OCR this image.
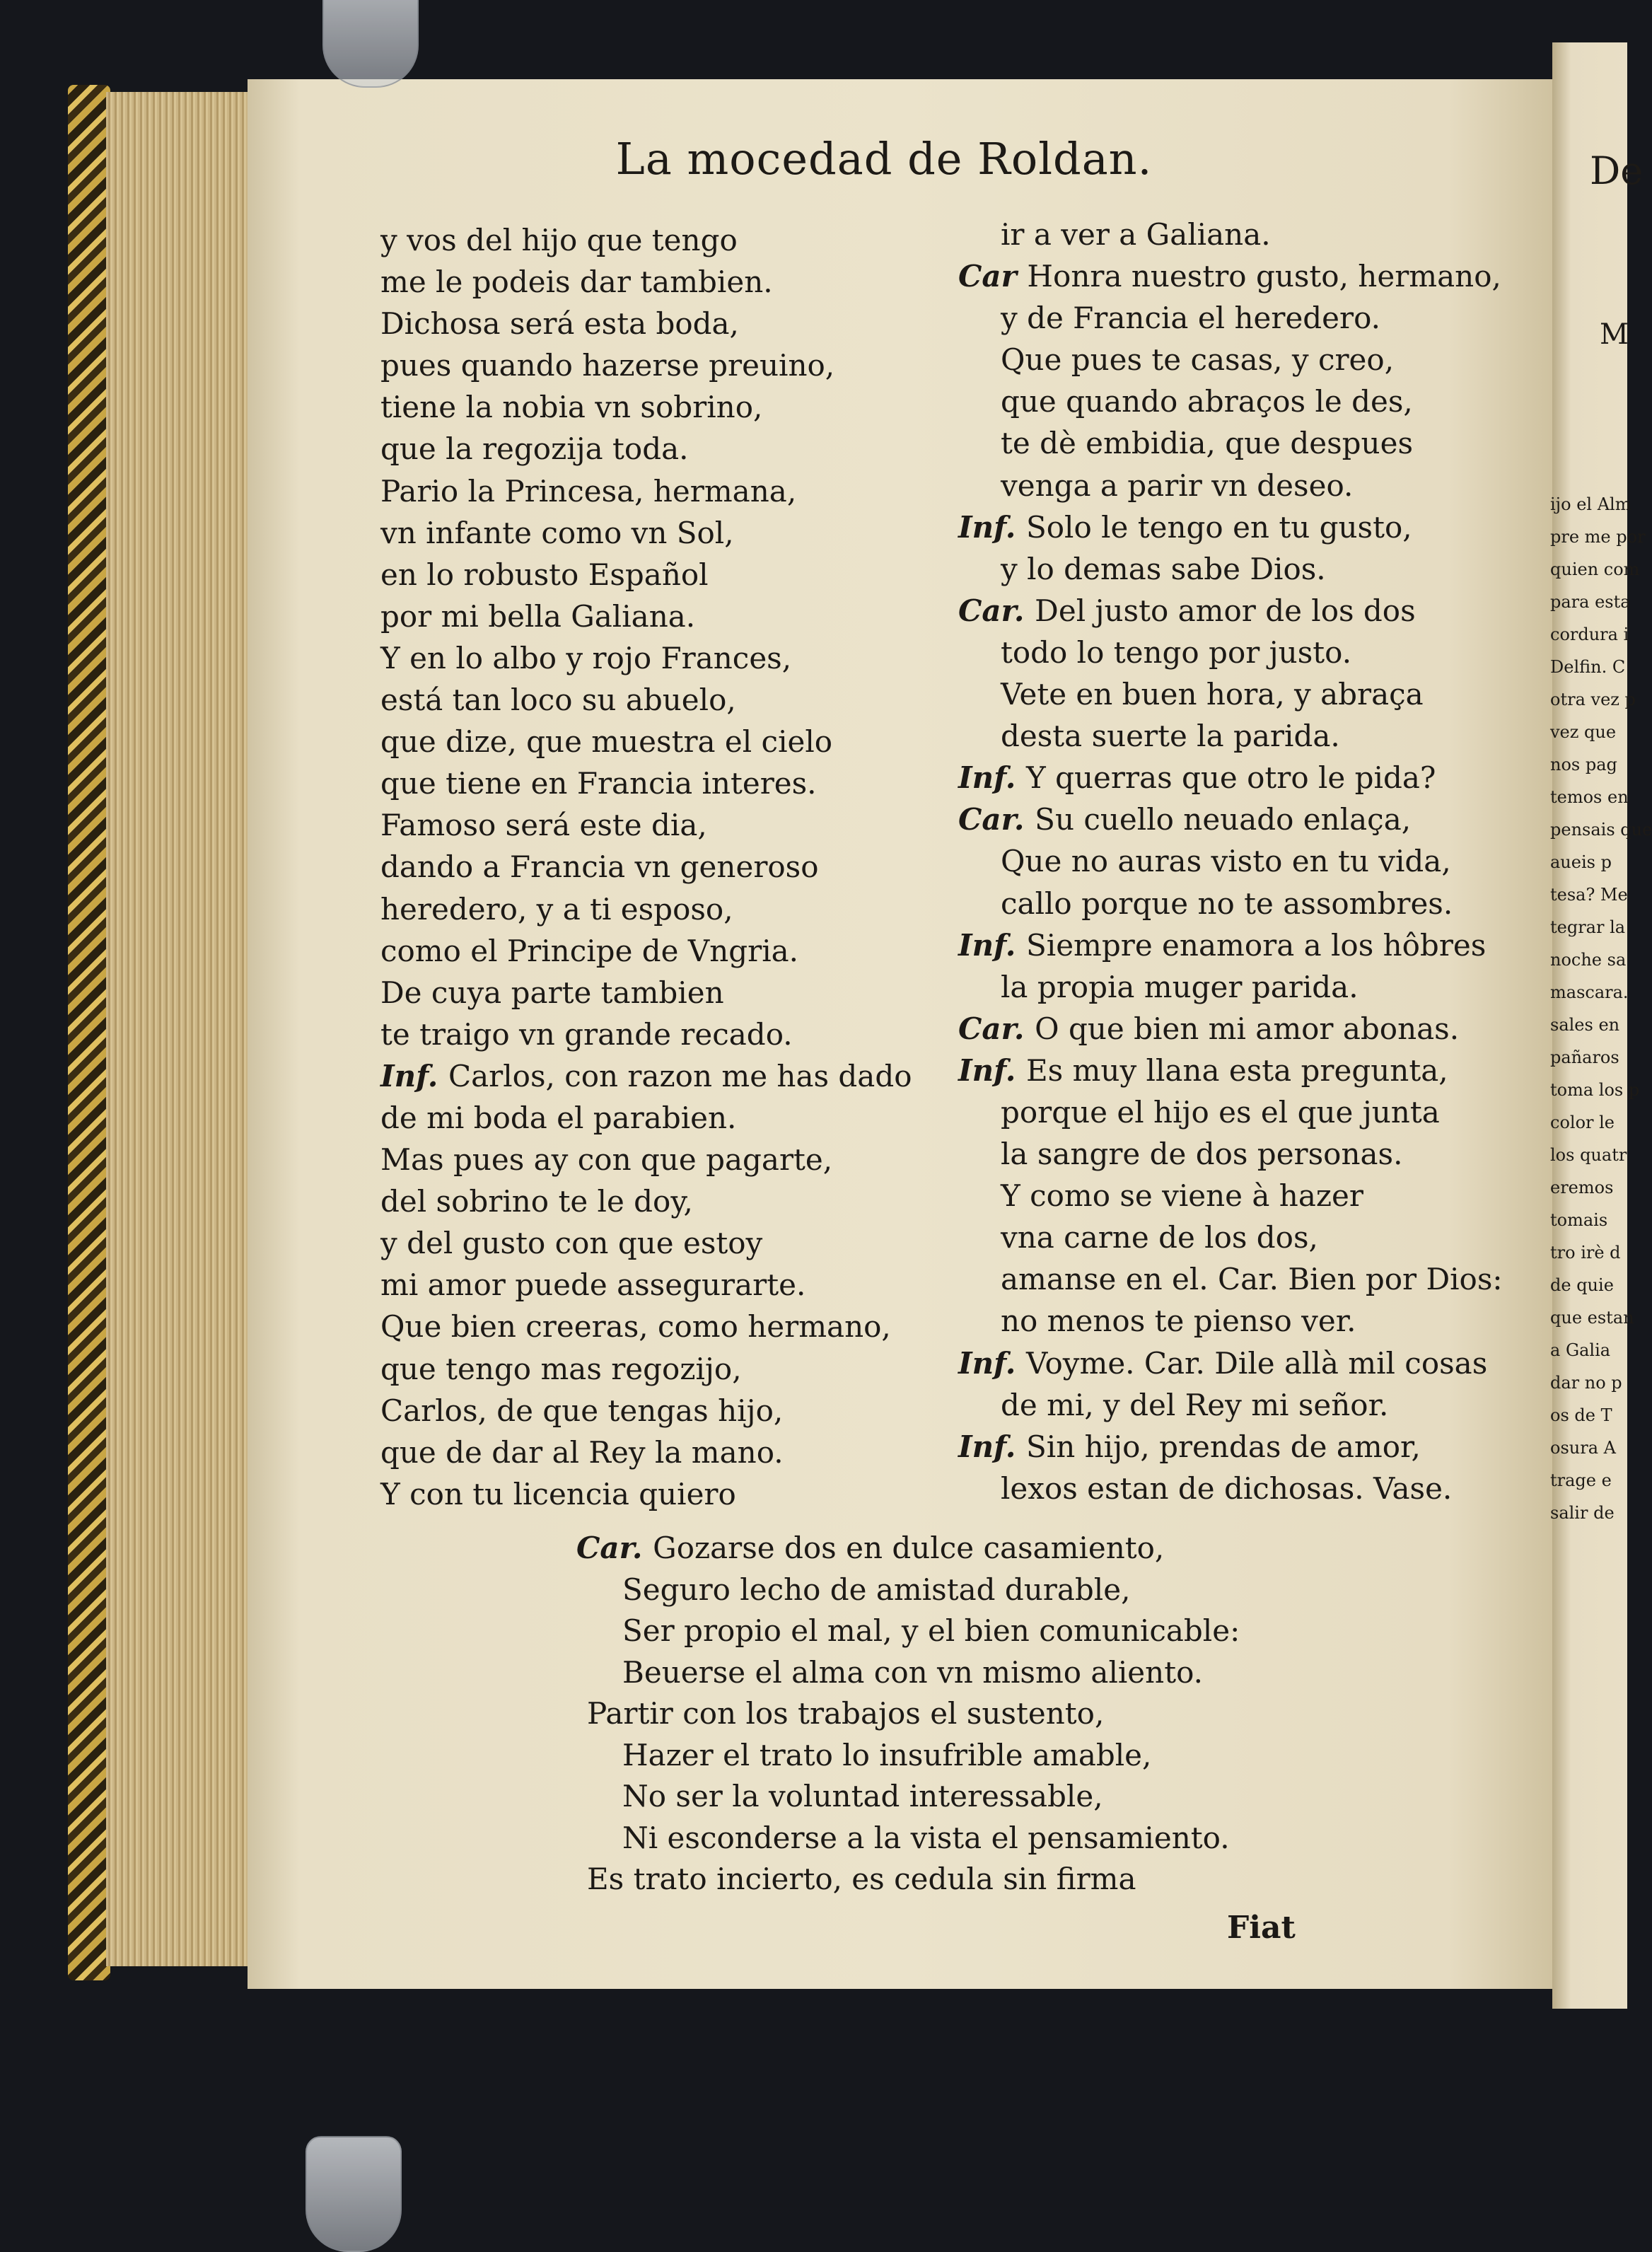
La mocedad de Roldan.
y vos del hijo que tengo
me le podeis dar tambien.
Dichosa será esta boda,
pues quando hazerse preuino,
tiene la nobia vn sobrino,
que la regozija toda.
Pario la Princesa, hermana,
vn infante como vn Sol,
en lo robusto Español
por mi bella Galiana.
Y en lo albo y rojo Frances,
está tan loco su abuelo,
que dize, que muestra el cielo
que tiene en Francia interes.
Famoso será este dia,
dando a Francia vn generoso
heredero, y a ti esposo,
como el Principe de Vngria.
De cuya parte tambien
te traigo vn grande recado.
Inf. Carlos, con razon me has dado
de mi boda el parabien.
Mas pues ay con que pagarte,
del sobrino te le doy,
y del gusto con que estoy
mi amor puede assegurarte.
Que bien creeras, como hermano,
que tengo mas regozijo,
Carlos, de que tengas hijo,
que de dar al Rey la mano.
Y con tu licencia quiero
ir a ver a Galiana.
Car Honra nuestro gusto, hermano,
y de Francia el heredero.
Que pues te casas, y creo,
que quando abraços le des,
te dè embidia, que despues
venga a parir vn deseo.
Inf. Solo le tengo en tu gusto,
y lo demas sabe Dios.
Car. Del justo amor de los dos
todo lo tengo por justo.
Vete en buen hora, y abraça
desta suerte la parida.
Inf. Y querras que otro le pida?
Car. Su cuello neuado enlaça,
Que no auras visto en tu vida,
callo porque no te assombres.
Inf. Siempre enamora a los hôbres
la propia muger parida.
Car. O que bien mi amor abonas.
Inf. Es muy llana esta pregunta,
porque el hijo es el que junta
la sangre de dos personas.
Y como se viene à hazer
vna carne de los dos,
amanse en el. Car. Bien por Dios:
no menos te pienso ver.
Inf. Voyme. Car. Dile allà mil cosas
de mi, y del Rey mi señor.
Inf. Sin hijo, prendas de amor,
lexos estan de dichosas. Vase.
Car. Gozarse dos en dulce casamiento,
Seguro lecho de amistad durable,
Ser propio el mal, y el bien comunicable:
Beuerse el alma con vn mismo aliento.
Partir con los trabajos el sustento,
Hazer el trato lo insufrible amable,
No ser la voluntad interessable,
Ni esconderse a la vista el pensamiento.
Es trato incierto, es cedula sin firma
Fiat
De
M
ijo el Alm
pre me por
quien com
para esta
cordura i
Delfin. C
otra vez p
vez que
nos pag
temos en
pensais que
aueis p
tesa? Me
tegrar la
noche sa
mascara.
sales en
pañaros
toma los p
color le
los quatr
eremos
tomais
tro irè d
de quie
que estan
a Galia
dar no p
os de T
osura A
trage e
salir de
